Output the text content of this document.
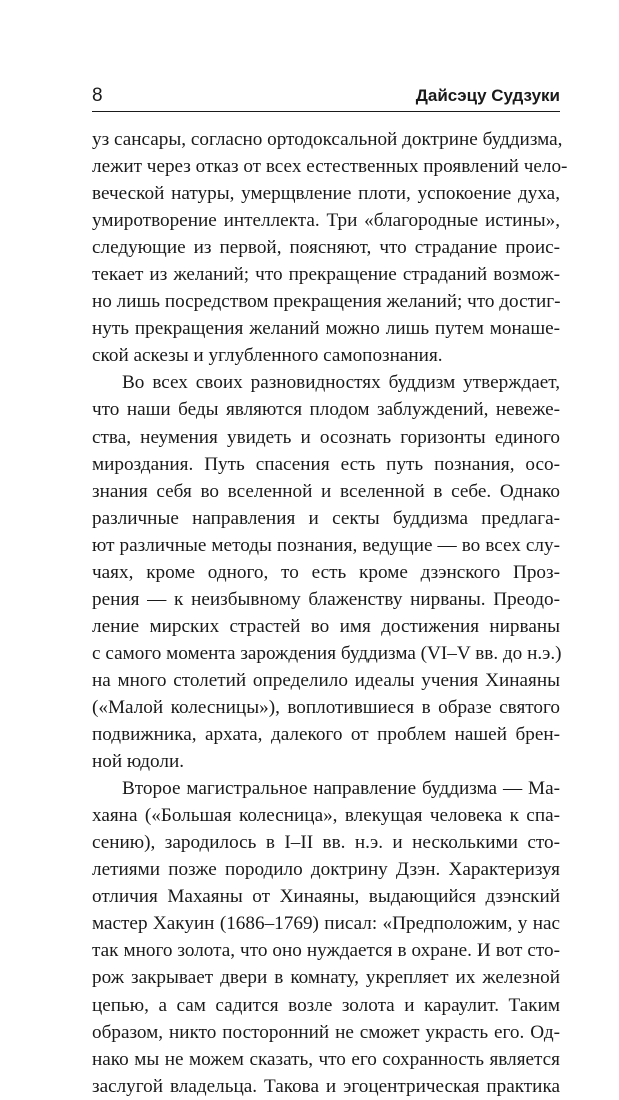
8	Дайсэцу Судзуки
уз сансары, согласно ортодоксальной доктрине буддизма,
лежит через отказ от всех естественных проявлений чело-
веческой натуры, умерщвление плоти, успокоение духа,
умиротворение интеллекта. Три «благородные истины»,
следующие из первой, поясняют, что страдание проис-
текает из желаний; что прекращение страданий возмож-
но лишь посредством прекращения желаний; что достиг-
нуть прекращения желаний можно лишь путем монаше-
ской аскезы и углубленного самопознания.
Во всех своих разновидностях буддизм утверждает,
что наши беды являются плодом заблуждений, невеже-
ства, неумения увидеть и осознать горизонты единого
мироздания. Путь спасения есть путь познания, осо-
знания себя во вселенной и вселенной в себе. Однако
различные направления и секты буддизма предлага-
ют различные методы познания, ведущие — во всех слу-
чаях, кроме одного, то есть кроме дзэнского Проз-
рения — к неизбывному блаженству нирваны. Преодо-
ление мирских страстей во имя достижения нирваны
с самого момента зарождения буддизма (VI–V вв. до н.э.)
на много столетий определило идеалы учения Хинаяны
(«Малой колесницы»), воплотившиеся в образе святого
подвижника, архата, далекого от проблем нашей брен-
ной юдоли.
Второе магистральное направление буддизма — Ма-
хаяна («Большая колесница», влекущая человека к спа-
сению), зародилось в I–II вв. н.э. и несколькими сто-
летиями позже породило доктрину Дзэн. Характеризуя
отличия Махаяны от Хинаяны, выдающийся дзэнский
мастер Хакуин (1686–1769) писал: «Предположим, у нас
так много золота, что оно нуждается в охране. И вот сто-
рож закрывает двери в комнату, укрепляет их железной
цепью, а сам садится возле золота и караулит. Таким
образом, никто посторонний не сможет украсть его. Од-
нако мы не можем сказать, что его сохранность является
заслугой владельца. Такова и эгоцентрическая практика
